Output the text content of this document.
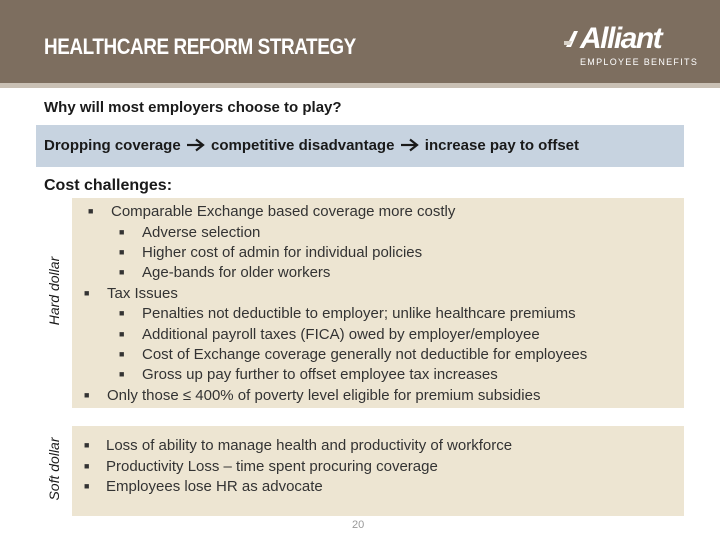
HEALTHCARE REFORM STRATEGY	Alliant
EMPLOYEE BENEFITS
Why will most employers choose to play?
Dropping coverage competitive disadvantage increase pay to offset
Cost challenges:
Hard dollar
■ Comparable Exchange based coverage more costly
■ Adverse selection
■ Higher cost of admin for individual policies
■ Age-bands for older workers
■ Tax Issues
■ Penalties not deductible to employer; unlike healthcare premiums
■ Additional payroll taxes (FICA) owed by employer/employee
■ Cost of Exchange coverage generally not deductible for employees
■ Gross up pay further to offset employee tax increases
■ Only those ≤ 400% of poverty level eligible for premium subsidies
Soft dollar ■ Loss of ability to manage health and productivity of workforce
■ Productivity Loss – time spent procuring coverage
■ Employees lose HR as advocate
20
